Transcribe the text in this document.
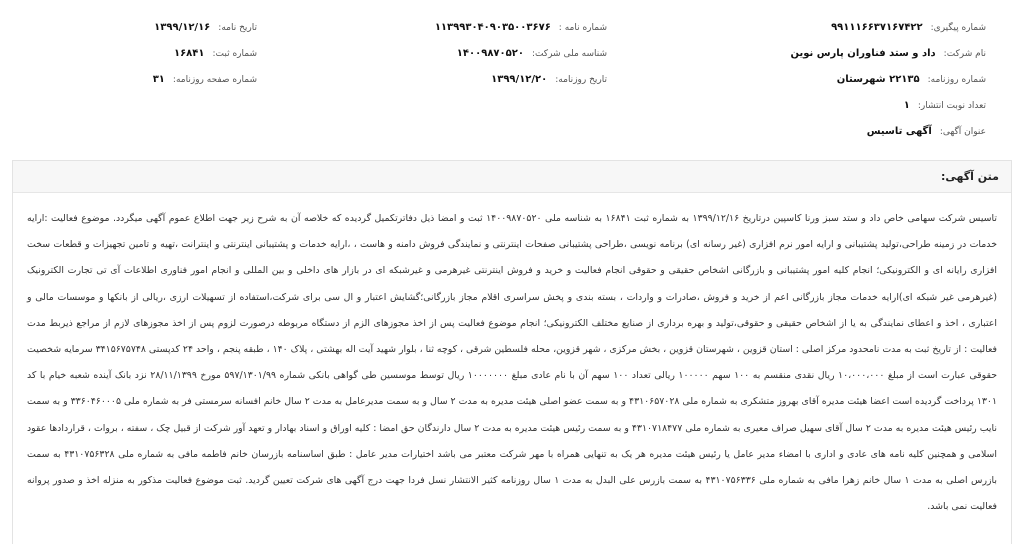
شماره پیگیری:
۹۹۱۱۱۶۶۳۷۱۶۷۴۲۲
شماره نامه :
۱۱۳۹۹۳۰۴۰۹۰۳۵۰۰۳۶۷۶
تاریخ نامه:
۱۳۹۹/۱۲/۱۶
نام شرکت:
داد و ستد فناوران پارس نوین
شناسه ملی شرکت:
۱۴۰۰۹۸۷۰۵۲۰
شماره ثبت:
۱۶۸۴۱
شماره روزنامه:
۲۲۱۳۵ شهرستان
تاریخ روزنامه:
۱۳۹۹/۱۲/۲۰
شماره صفحه روزنامه:
۳۱
تعداد نوبت انتشار:
۱
عنوان آگهی:
آگهی تاسیس
متن آگهی:
تاسیس شرکت سهامی خاص داد و ستد سبز ورنا کاسپین درتاریخ ۱۳۹۹/۱۲/۱۶ به شماره ثبت ۱۶۸۴۱ به شناسه ملی ۱۴۰۰۹۸۷۰۵۲۰ ثبت و امضا ذیل دفاترتکمیل گردیده که خلاصه آن به شرح زیر جهت اطلاع عموم آگهی میگردد. موضوع فعالیت :ارایه خدمات در زمینه طراحی،تولید پشتیبانی و ارایه امور نرم افزاری (غیر رسانه ای) برنامه نویسی ،طراحی پشتیبانی صفحات اینترنتی و نمایندگی فروش دامنه و هاست ، ،ارایه خدمات و پشتیبانی اینترنتی و اینترانت ،تهیه و تامین تجهیزات و قطعات سخت افزاری رایانه ای و الکترونیکی؛ انجام کلیه امور پشتیبانی و بازرگانی اشخاص حقیقی و حقوقی انجام فعالیت و خرید و فروش اینترنتی غیرهرمی و غیرشبکه ای در بازار های داخلی و بین المللی و انجام امور فناوری اطلاعات آی تی تجارت الکترونیک (غیرهرمی غیر شبکه ای)ارایه خدمات مجاز بازرگانی اعم از خرید و فروش ،صادرات و واردات ، بسته بندی و پخش سراسری اقلام مجاز بازرگانی؛گشایش اعتبار و ال سی برای شرکت،استفاده از تسهیلات ارزی ،ریالی از بانکها و موسسات مالی و اعتباری ، اخذ و اعطای نمایندگی به یا از اشخاص حقیقی و حقوقی،تولید و بهره برداری از صنایع مختلف الکترونیکی؛ انجام موضوع فعالیت پس از اخذ مجوزهای الزم از دستگاه مربوطه درصورت لزوم پس از اخذ مجوزهای لازم از مراجع ذیربط مدت فعالیت : از تاریخ ثبت به مدت نامحدود مرکز اصلی : استان قزوین ، شهرستان قزوین ، بخش مرکزی ، شهر قزوین، محله فلسطین شرقی ، کوچه ثنا ، بلوار شهید آیت اله بهشتی ، پلاک ۱۴۰ ، طبقه پنجم ، واحد ۲۴ کدپستی ۳۴۱۵۶۷۵۷۴۸ سرمایه شخصیت حقوقی عبارت است از مبلغ ۱۰،۰۰۰،۰۰۰ ریال نقدی منقسم به ۱۰۰ سهم ۱۰۰۰۰۰ ریالی تعداد ۱۰۰ سهم آن با نام عادی مبلغ ۱۰۰۰۰۰۰۰ ریال توسط موسسین طی گواهی بانکی شماره ۵۹۷/۱۳۰۱/۹۹ مورخ ۲۸/۱۱/۱۳۹۹ نزد بانک آینده شعبه خیام با کد ۱۳۰۱ پرداخت گردیده است اعضا هیئت مدیره آقای بهروز متشکری به شماره ملی ۴۳۱۰۶۵۷۰۲۸ و به سمت عضو اصلی هیئت مدیره به مدت ۲ سال و به سمت مدیرعامل به مدت ۲ سال خانم افسانه سرمستی فر به شماره ملی ۳۳۶۰۴۶۰۰۰۵ و به سمت نایب رئیس هیئت مدیره به مدت ۲ سال آقای سهیل صراف معیری به شماره ملی ۴۳۱۰۷۱۸۴۷۷ و به سمت رئیس هیئت مدیره به مدت ۲ سال دارندگان حق امضا : کلیه اوراق و اسناد بهادار و تعهد آور شرکت از قبیل چک ، سفته ، بروات ، قراردادها عقود اسلامی و همچنین کلیه نامه های عادی و اداری با امضاء مدیر عامل یا رئیس هیئت مدیره هر یک به تنهایی همراه با مهر شرکت معتبر می باشد اختیارات مدیر عامل : طبق اساسنامه بازرسان خانم فاطمه مافی به شماره ملی ۴۳۱۰۷۵۶۳۲۸ به سمت بازرس اصلی به مدت ۱ سال خانم زهرا مافی به شماره ملی ۴۳۱۰۷۵۶۳۳۶ به سمت بازرس علی البدل به مدت ۱ سال روزنامه کثیر الانتشار نسل فردا جهت درج آگهی های شرکت تعیین گردید. ثبت موضوع فعالیت مذکور به منزله اخذ و صدور پروانه فعالیت نمی باشد.
